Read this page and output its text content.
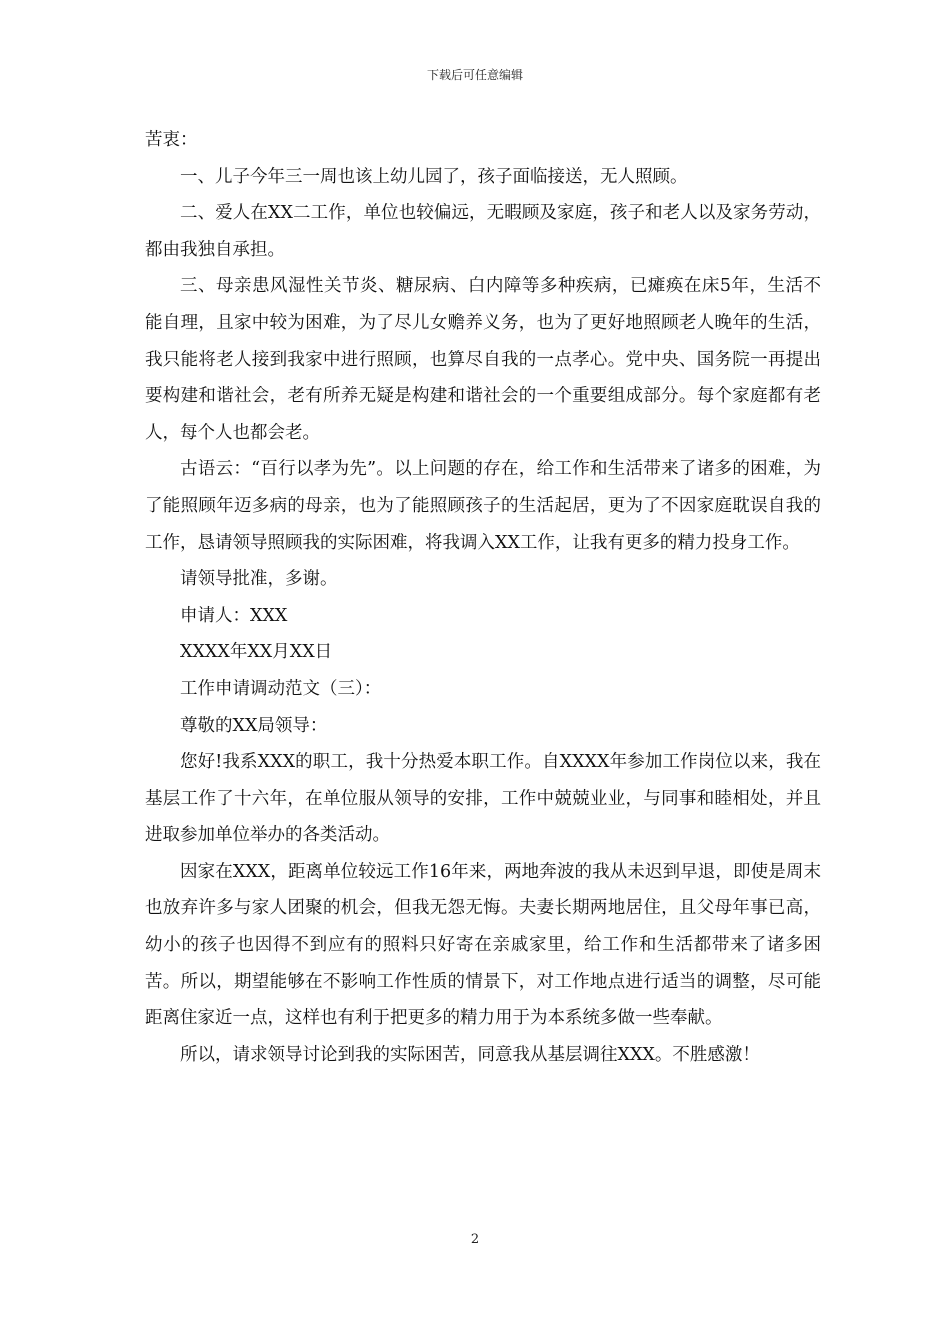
下载后可任意编辑

苦衷：

一、儿子今年三一周也该上幼儿园了，孩子面临接送，无人照顾。

二、爱人在XX二工作，单位也较偏远，无暇顾及家庭，孩子和老人以及家务劳动，都由我独自承担。

三、母亲患风湿性关节炎、糖尿病、白内障等多种疾病，已瘫痪在床5年，生活不能自理，且家中较为困难，为了尽儿女赡养义务，也为了更好地照顾老人晚年的生活，我只能将老人接到我家中进行照顾，也算尽自我的一点孝心。党中央、国务院一再提出要构建和谐社会，老有所养无疑是构建和谐社会的一个重要组成部分。每个家庭都有老人，每个人也都会老。

古语云：“百行以孝为先”。以上问题的存在，给工作和生活带来了诸多的困难，为了能照顾年迈多病的母亲，也为了能照顾孩子的生活起居，更为了不因家庭耽误自我的工作，恳请领导照顾我的实际困难，将我调入XX工作，让我有更多的精力投身工作。

请领导批准，多谢。

申请人：XXX

XXXX年XX月XX日

工作申请调动范文（三）：

尊敬的XX局领导：

您好!我系XXX的职工，我十分热爱本职工作。自XXXX年参加工作岗位以来，我在基层工作了十六年，在单位服从领导的安排，工作中兢兢业业，与同事和睦相处，并且进取参加单位举办的各类活动。

因家在XXX，距离单位较远工作16年来，两地奔波的我从未迟到早退，即使是周末也放弃许多与家人团聚的机会，但我无怨无悔。夫妻长期两地居住，且父母年事已高，幼小的孩子也因得不到应有的照料只好寄在亲戚家里，给工作和生活都带来了诸多困苦。所以，期望能够在不影响工作性质的情景下，对工作地点进行适当的调整，尽可能距离住家近一点，这样也有利于把更多的精力用于为本系统多做一些奉献。

所以，请求领导讨论到我的实际困苦，同意我从基层调往XXX。不胜感激！

2
